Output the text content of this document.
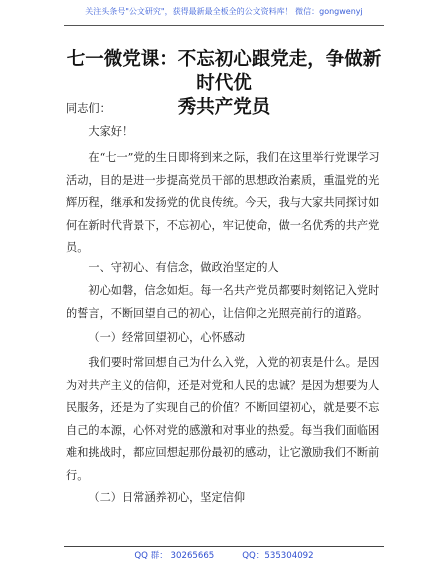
关注头条号"公文研究"，获得最新最全板全的公文资料库！ 微信：gongwenyj
七一微党课：不忘初心跟党走，争做新时代优
秀共产党员
同志们：
大家好！
在“七一”党的生日即将到来之际，我们在这里举行党课学习活动，目的是进一步提高党员干部的思想政治素质，重温党的光辉历程，继承和发扬党的优良传统。今天，我与大家共同探讨如何在新时代背景下，不忘初心，牢记使命，做一名优秀的共产党员。
一、守初心、有信念，做政治坚定的人
初心如磐，信念如炬。每一名共产党员都要时刻铭记入党时的誓言，不断回望自己的初心，让信仰之光照亮前行的道路。
（一）经常回望初心，心怀感动
我们要时常回想自己为什么入党，入党的初衷是什么。是因为对共产主义的信仰，还是对党和人民的忠诚？是因为想要为人民服务，还是为了实现自己的价值？不断回望初心，就是要不忘自己的本源，心怀对党的感激和对事业的热爱。每当我们面临困难和挑战时，都应回想起那份最初的感动，让它激励我们不断前行。
（二）日常涵养初心，坚定信仰
QQ 群： 30265665	QQ：535304092
